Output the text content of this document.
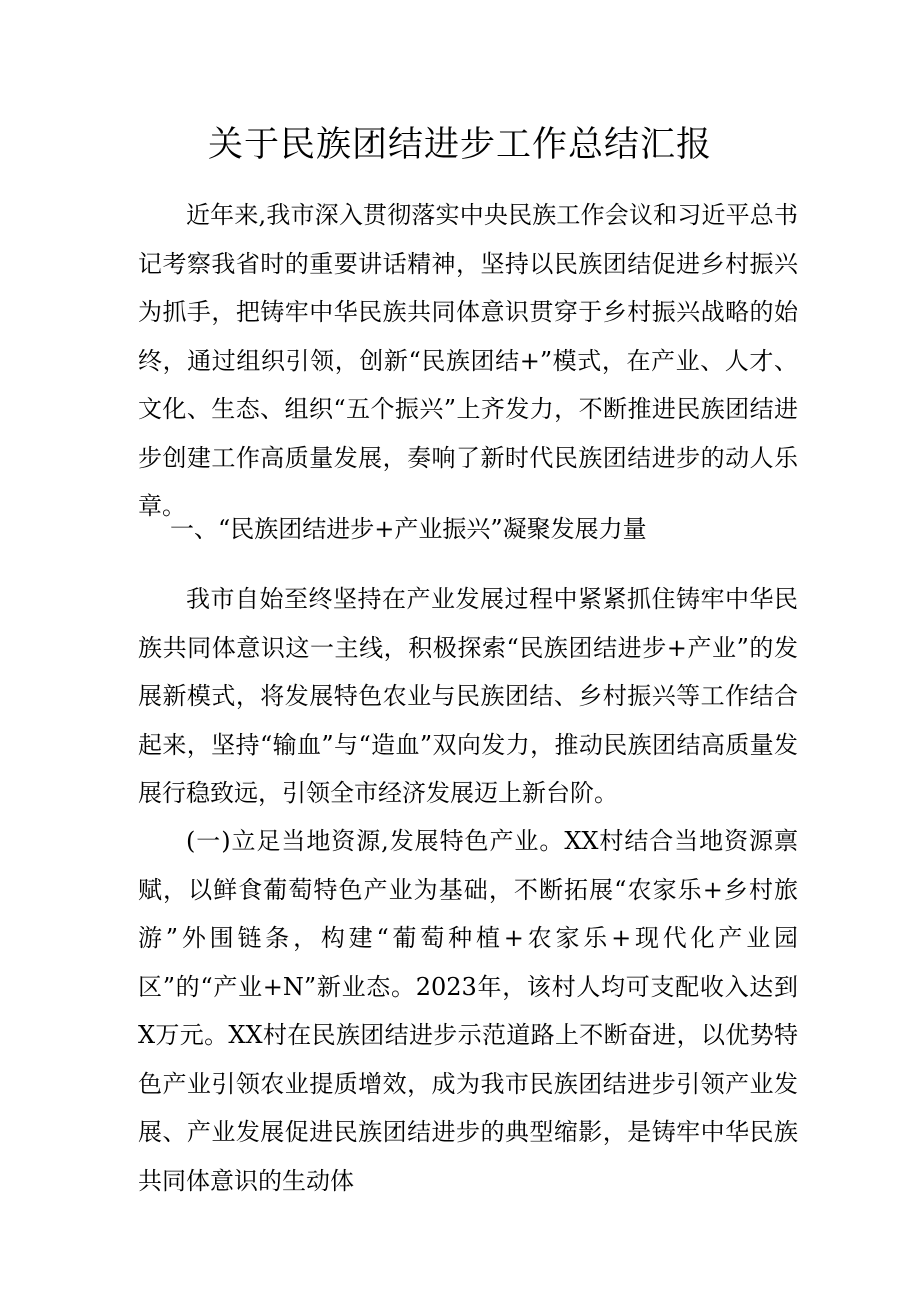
关于民族团结进步工作总结汇报

近年来,我市深入贯彻落实中央民族工作会议和习近平总书记考察我省时的重要讲话精神，坚持以民族团结促进乡村振兴为抓手，把铸牢中华民族共同体意识贯穿于乡村振兴战略的始终，通过组织引领，创新“民族团结+”模式，在产业、人才、文化、生态、组织“五个振兴”上齐发力，不断推进民族团结进步创建工作高质量发展，奏响了新时代民族团结进步的动人乐章。

一、“民族团结进步+产业振兴”凝聚发展力量

我市自始至终坚持在产业发展过程中紧紧抓住铸牢中华民族共同体意识这一主线，积极探索“民族团结进步+产业”的发展新模式，将发展特色农业与民族团结、乡村振兴等工作结合起来，坚持“输血”与“造血”双向发力，推动民族团结高质量发展行稳致远，引领全市经济发展迈上新台阶。

(一)立足当地资源,发展特色产业。XX村结合当地资源禀赋，以鲜食葡萄特色产业为基础，不断拓展“农家乐+乡村旅游”外围链条，构建“葡萄种植+农家乐+现代化产业园区”的“产业+N”新业态。2023年，该村人均可支配收入达到X万元。XX村在民族团结进步示范道路上不断奋进，以优势特色产业引领农业提质增效，成为我市民族团结进步引领产业发展、产业发展促进民族团结进步的典型缩影，是铸牢中华民族共同体意识的生动体
